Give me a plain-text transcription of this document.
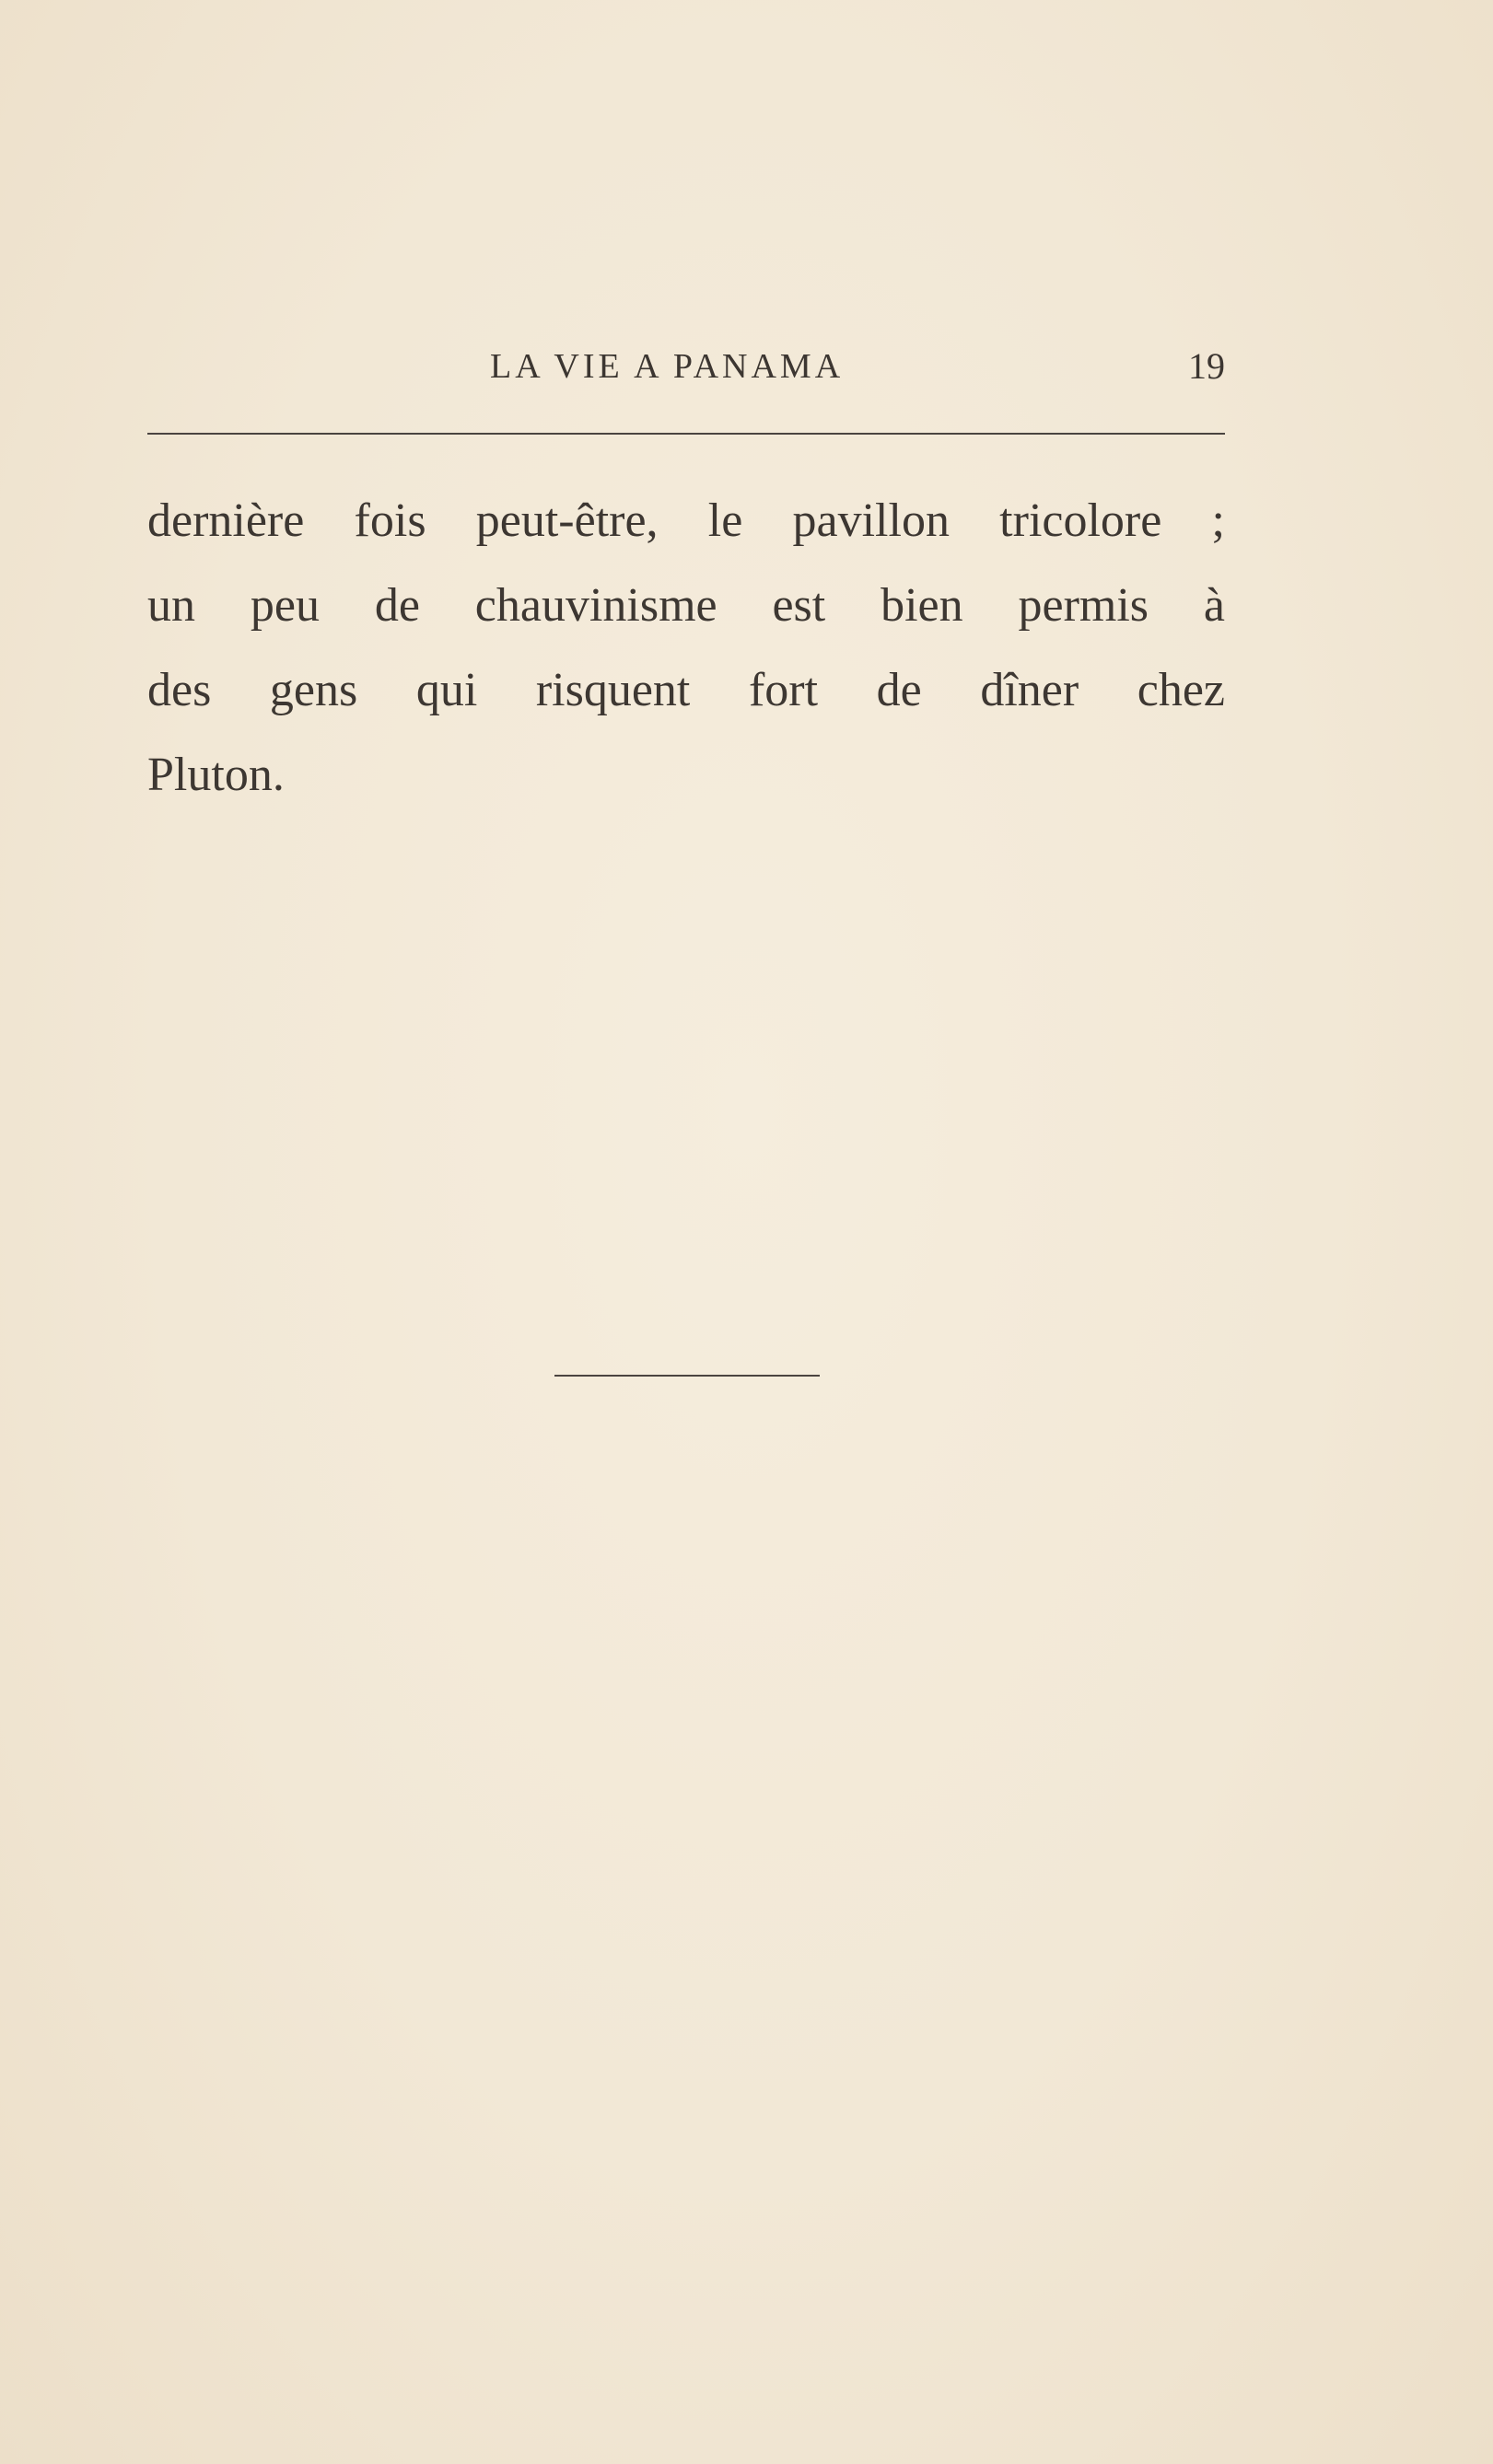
LA VIE A PANAMA	19
dernière fois peut-être, le pavillon tricolore ;
un peu de chauvinisme est bien permis à
des gens qui risquent fort de dîner chez
Pluton.
